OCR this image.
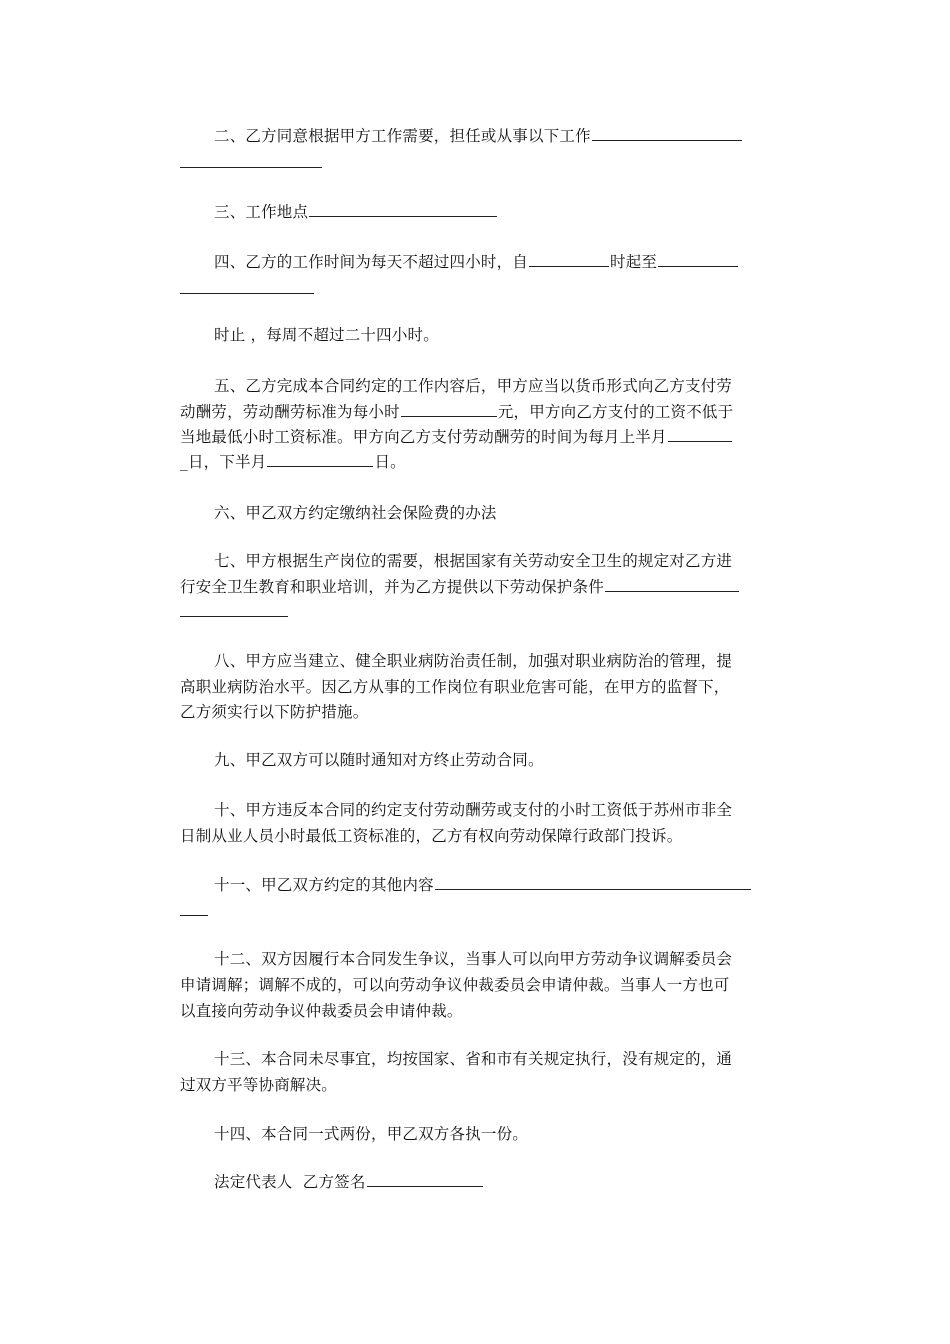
二、乙方同意根据甲方工作需要，担任或从事以下工作
三、工作地点
四、乙方的工作时间为每天不超过四小时，自	时起至
时止 ，每周不超过二十四小时。
五、乙方完成本合同约定的工作内容后，甲方应当以货币形式向乙方支付劳
动酬劳，劳动酬劳标准为每小时	元，甲方向乙方支付的工资不低于
当地最低小时工资标准。甲方向乙方支付劳动酬劳的时间为每月上半月
_日，下半月	日。
六、甲乙双方约定缴纳社会保险费的办法
七、甲方根据生产岗位的需要，根据国家有关劳动安全卫生的规定对乙方进
行安全卫生教育和职业培训，并为乙方提供以下劳动保护条件
八、甲方应当建立、健全职业病防治责任制，加强对职业病防治的管理，提
高职业病防治水平。因乙方从事的工作岗位有职业危害可能，在甲方的监督下，
乙方须实行以下防护措施。
九、甲乙双方可以随时通知对方终止劳动合同。
十、甲方违反本合同的约定支付劳动酬劳或支付的小时工资低于苏州市非全
日制从业人员小时最低工资标准的，乙方有权向劳动保障行政部门投诉。
十一、甲乙双方约定的其他内容
十二、双方因履行本合同发生争议，当事人可以向甲方劳动争议调解委员会
申请调解；调解不成的，可以向劳动争议仲裁委员会申请仲裁。当事人一方也可
以直接向劳动争议仲裁委员会申请仲裁。
十三、本合同未尽事宜，均按国家、省和市有关规定执行，没有规定的，通
过双方平等协商解决。
十四、本合同一式两份，甲乙双方各执一份。
法定代表人  乙方签名
